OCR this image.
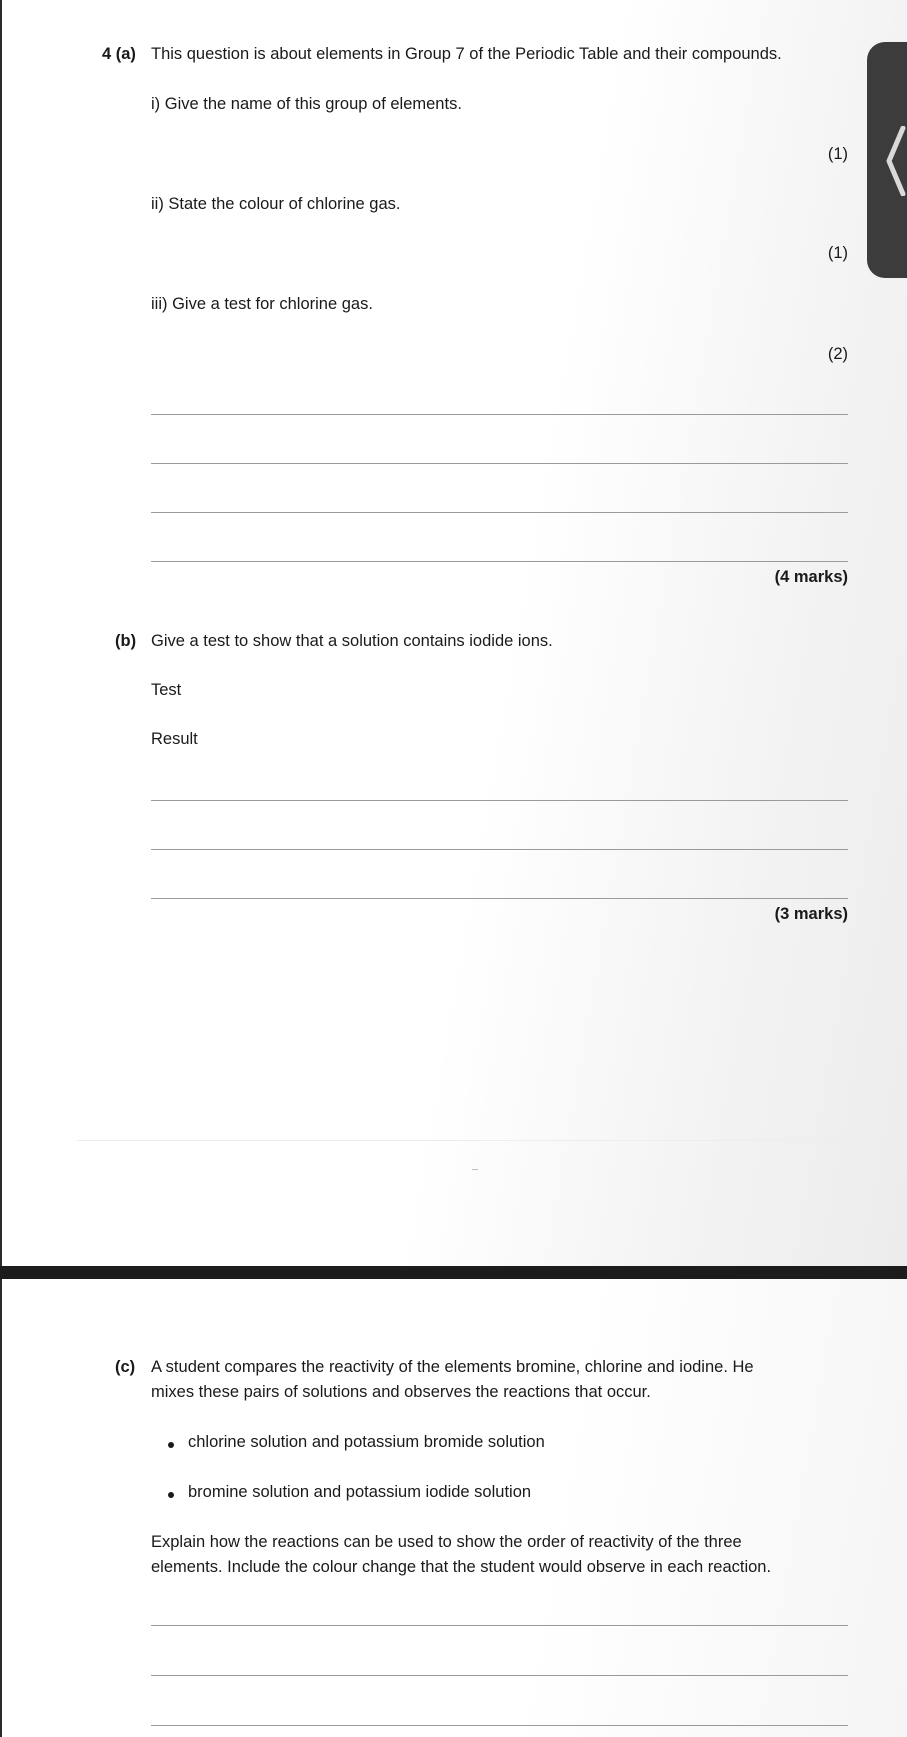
4 (a) This question is about elements in Group 7 of the Periodic Table and their compounds.
i) Give the name of this group of elements.
(1)
ii) State the colour of chlorine gas.
(1)
iii) Give a test for chlorine gas.
(2)
(4 marks)
(b) Give a test to show that a solution contains iodide ions.
Test
Result
(3 marks)
(c) A student compares the reactivity of the elements bromine, chlorine and iodine. He
mixes these pairs of solutions and observes the reactions that occur.
chlorine solution and potassium bromide solution
bromine solution and potassium iodide solution
Explain how the reactions can be used to show the order of reactivity of the three
elements. Include the colour change that the student would observe in each reaction.
